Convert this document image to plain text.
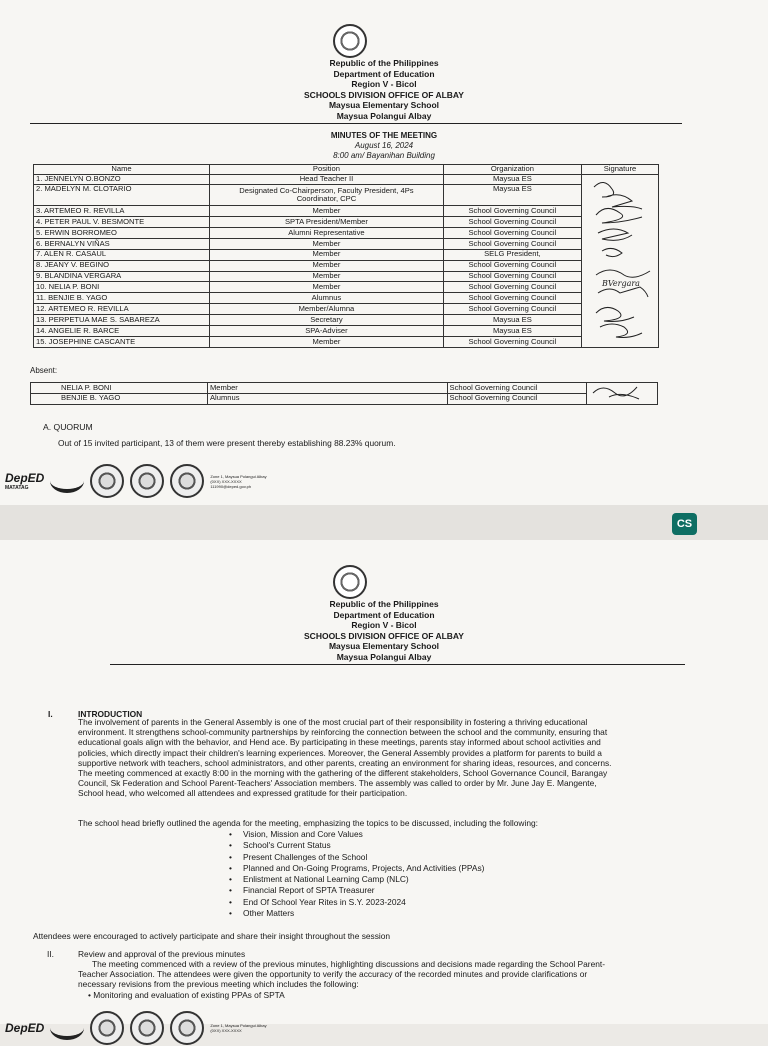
CS
Republic of the Philippines
Department of Education
Region V - Bicol
SCHOOLS DIVISION OFFICE OF ALBAY
Maysua Elementary School
Maysua Polangui Albay
MINUTES OF THE MEETING
August 16, 2024
8:00 am/ Bayanihan Building
Name	Position	Organization	Signature
1. JENNELYN O.BONZO	Head Teacher II	Maysua ES	BVergara

2. MADELYN M. CLOTARIO	Designated Co-Chairperson, Faculty President, 4Ps
Coordinator, CPC	Maysua ES	
3. ARTEMEO R. REVILLA	Member	School Governing Council	
4. PETER PAUL V. BESMONTE	SPTA President/Member	School Governing Council	
5. ERWIN BORROMEO	Alumni Representative	School Governing Council	
6. BERNALYN VIÑAS	Member	School Governing Council	
7. ALEN R. CASAUL	Member	SELG President,	
8. JEANY V. BEGINO	Member	School Governing Council	
9. BLANDINA VERGARA	Member	School Governing Council	
10. NELIA P. BONI	Member	School Governing Council	
11. BENJIE B. YAGO	Alumnus	School Governing Council	
12. ARTEMEO R. REVILLA	Member/Alumna	School Governing Council	
13. PERPETUA MAE S. SABAREZA	Secretary	Maysua ES	
14. ANGELIE R. BARCE	SPA-Adviser	Maysua ES	
15. JOSEPHINE CASCANTE	Member	School Governing Council	
Absent:
NELIA P. BONI	Member	School Governing Council	
BENJIE B. YAGO	Alumnus	School Governing Council	
A. QUORUM
Out of 15 invited participant, 13 of them were present thereby establishing 88.23% quorum.
DepED
MATATAG
Zone 1, Maysua Polangui Albay
(0XX) XXX-XXXX
111990@deped.gov.ph
Republic of the Philippines
Department of Education
Region V - Bicol
SCHOOLS DIVISION OFFICE OF ALBAY
Maysua Elementary School
Maysua Polangui Albay
I.	INTRODUCTION
The involvement of parents in the General Assembly is one of the most crucial part of their responsibility in fostering a thriving educational
environment. It strengthens school-community partnerships by reinforcing the connection between the school and the community, ensuring that
educational goals align with the behavior, and Hend ace. By participating in these meetings, parents stay informed about school activities and
policies, which directly impact their children's learning experiences. Moreover, the General Assembly provides a platform for parents to build a
supportive network with teachers, school administrators, and other parents, creating an environment for sharing ideas, resources, and concerns.
The meeting commenced at exactly 8:00 in the morning with the gathering of the different stakeholders, School Governance Council, Barangay
Council, Sk Federation and School Parent-Teachers' Association members. The assembly was called to order by Mr. June Jay E. Mangente,
School head, who welcomed all attendees and expressed gratitude for their participation.
The school head briefly outlined the agenda for the meeting, emphasizing the topics to be discussed, including the following:
• Vision, Mission and Core Values
• School's Current Status
• Present Challenges of the School
• Planned and On-Going Programs, Projects, And Activities (PPAs)
• Enlistment at National Learning Camp (NLC)
• Financial Report of SPTA Treasurer
• End Of School Year Rites in S.Y. 2023-2024
• Other Matters
Attendees were encouraged to actively participate and share their insight throughout the session
II.	Review and approval of the previous minutes
The meeting commenced with a review of the previous minutes, highlighting discussions and decisions made regarding the School Parent-
Teacher Association. The attendees were given the opportunity to verify the accuracy of the recorded minutes and provide clarifications or
necessary revisions from the previous meeting which includes the following:
• Monitoring and evaluation of existing PPAs of SPTA
DepED	Zone 1, Maysua Polangui Albay
(0XX) XXX-XXXX
